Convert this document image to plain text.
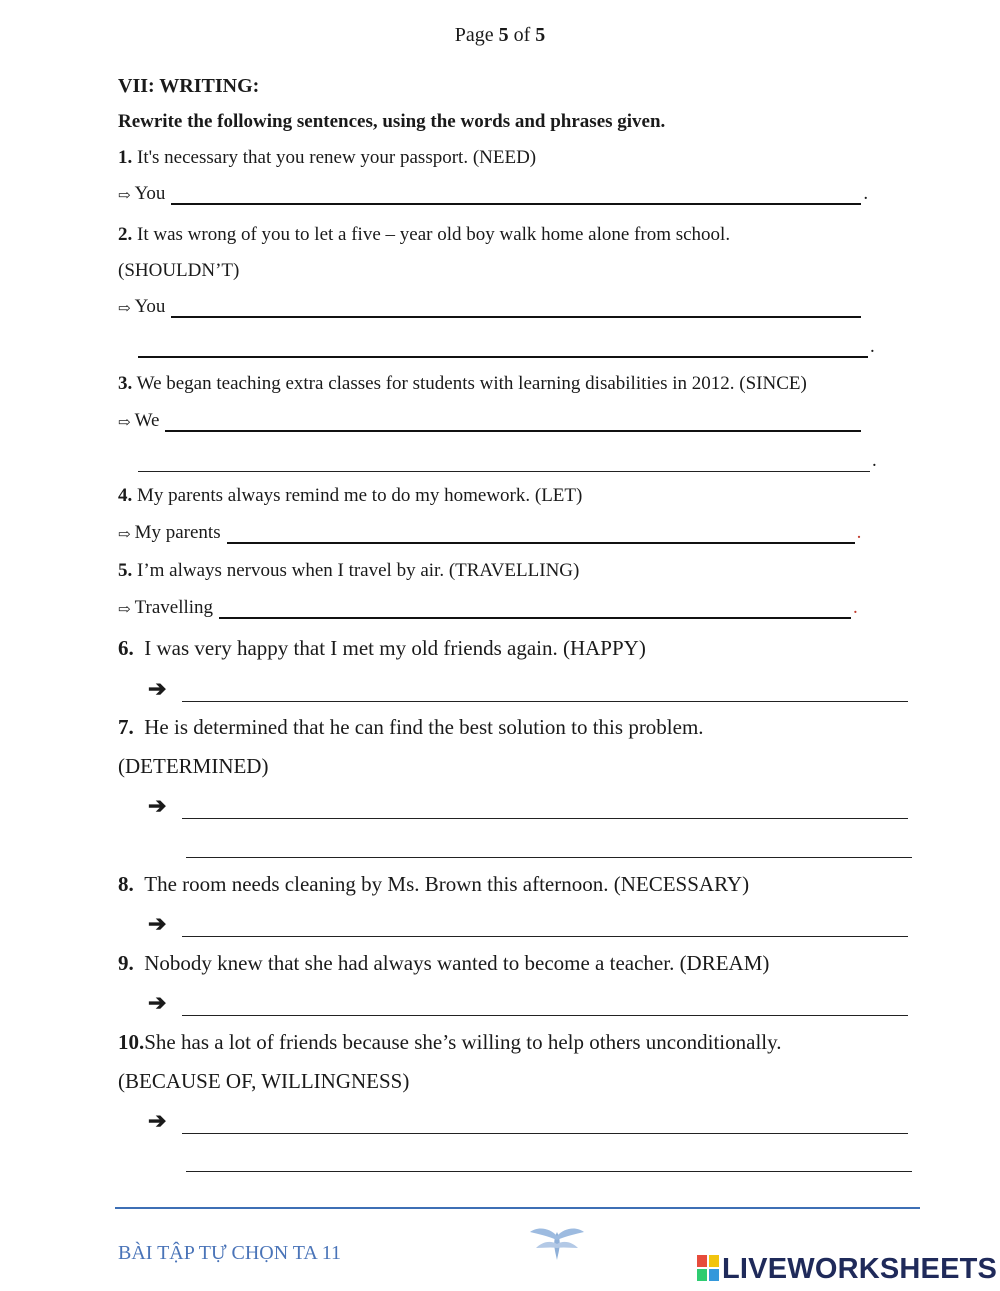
Page 5 of 5
VII: WRITING:
Rewrite the following sentences, using the words and phrases given.
1. It's necessary that you renew your passport. (NEED)
⇨ You	.
2. It was wrong of you to let a five – year old boy walk home alone from school.
(SHOULDN’T)
⇨ You
.
3. We began teaching extra classes for students with learning disabilities in 2012. (SINCE)
⇨ We
.
4. My parents always remind me to do my homework. (LET)
⇨ My parents	.
5. I’m always nervous when I travel by air. (TRAVELLING)
⇨ Travelling	.
6. I was very happy that I met my old friends again. (HAPPY)
➔
7. He is determined that he can find the best solution to this problem.
(DETERMINED)
➔
8. The room needs cleaning by Ms. Brown this afternoon. (NECESSARY)
➔
9. Nobody knew that she had always wanted to become a teacher. (DREAM)
➔
10.She has a lot of friends because she’s willing to help others unconditionally.
(BECAUSE OF, WILLINGNESS)
➔
BÀI TẬP TỰ CHỌN TA 11	LIVEWORKSHEETS
